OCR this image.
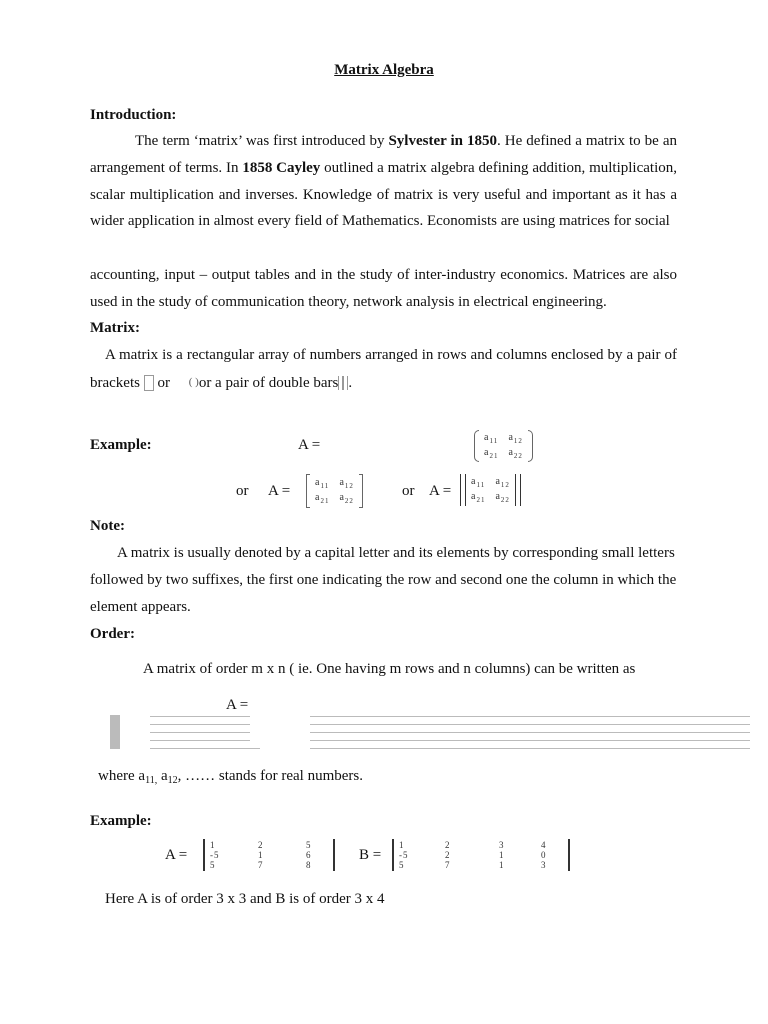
Matrix Algebra
Introduction:

The term ‘matrix’ was first introduced by Sylvester in 1850. He defined a matrix to be an arrangement of terms. In 1858 Cayley outlined a matrix algebra defining addition, multiplication, scalar multiplication and inverses. Knowledge of matrix is very useful and important as it has a wider application in almost every field of Mathematics. Economists are using matrices for social

accounting, input – output tables and in the study of inter-industry economics. Matrices are also used in the study of communication theory, network analysis in electrical engineering.

Matrix:

A matrix is a rectangular array of numbers arranged in rows and columns enclosed by a pair of brackets or ( )or a pair of double bars .

Example:	A =	$a_{11}$ $a_{12}$
$a_{21}$ $a_{22}$
or A =
$a_{11}$ $a_{12}$
$a_{21}$ $a_{22}$
or A =
$a_{11}$ $a_{12}$
$a_{21}$ $a_{22}$
Note:

A matrix is usually denoted by a capital letter and its elements by corresponding small letters followed by two suffixes, the first one indicating the row and second one the column in which the element appears.

Order:
A matrix of order m x n ( ie. One having m rows and n columns) can be written as
A =
where $a_{11,}$ $a_{12}$, …… stands for real numbers.
Example:
A =
1	2	5
-5	1	6
5	7	8
B =
1	2	3	4
-5	2	1	0
5	7	1	3
Here A is of order 3 x 3 and B is of order 3 x 4
